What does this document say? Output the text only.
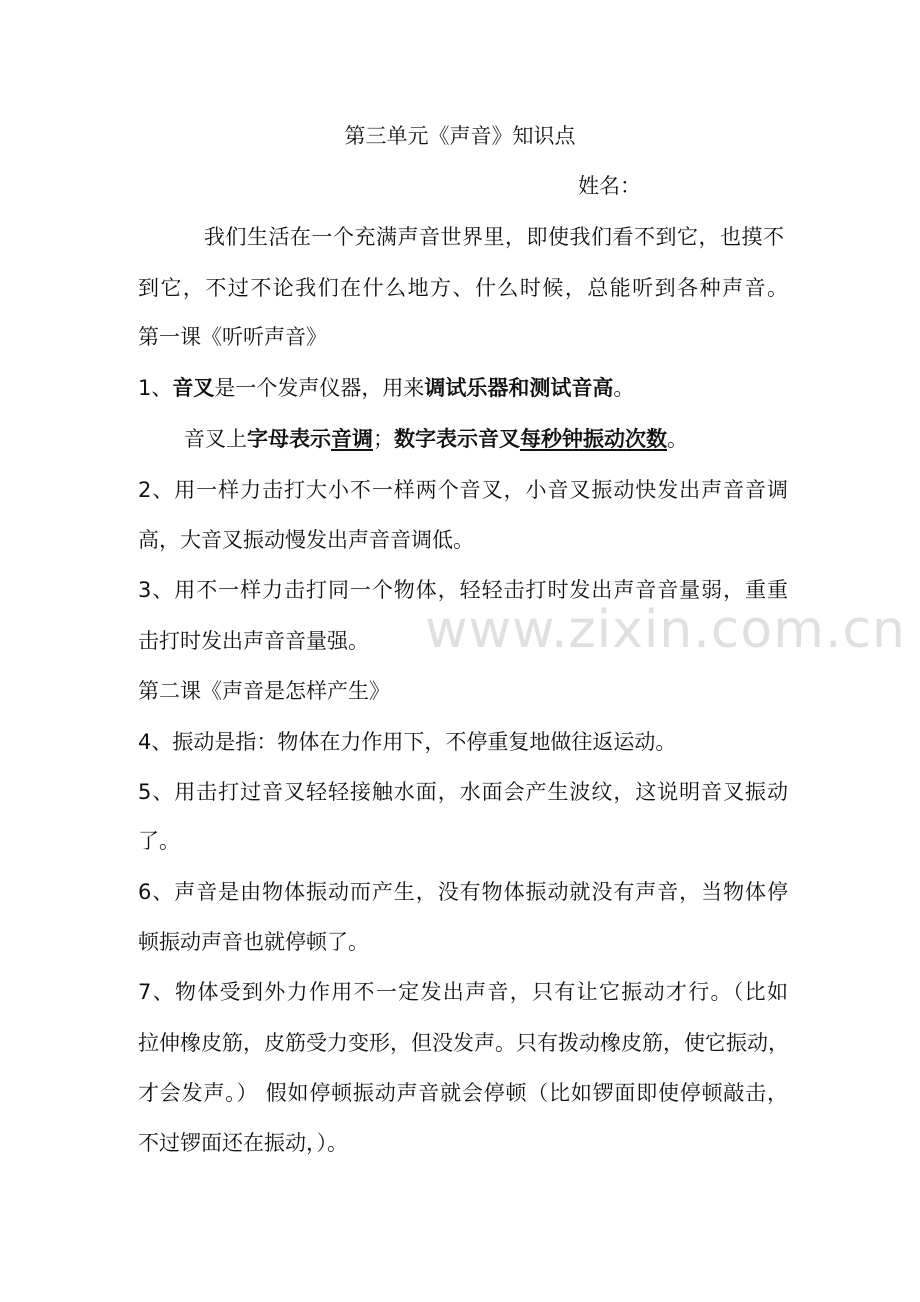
第三单元《声音》知识点
姓名：
我们生活在一个充满声音世界里，即使我们看不到它，也摸不
到它，不过不论我们在什么地方、什么时候，总能听到各种声音。
第一课《听听声音》
1、音叉是一个发声仪器，用来调试乐器和测试音高。
音叉上字母表示音调；数字表示音叉每秒钟振动次数。
2、用一样力击打大小不一样两个音叉，小音叉振动快发出声音音调
高，大音叉振动慢发出声音音调低。
3、用不一样力击打同一个物体，轻轻击打时发出声音音量弱，重重
击打时发出声音音量强。
第二课《声音是怎样产生》
4、振动是指：物体在力作用下，不停重复地做往返运动。
5、用击打过音叉轻轻接触水面，水面会产生波纹，这说明音叉振动
了。
6、声音是由物体振动而产生，没有物体振动就没有声音，当物体停
顿振动声音也就停顿了。
7、物体受到外力作用不一定发出声音，只有让它振动才行。（比如
拉伸橡皮筋，皮筋受力变形，但没发声。只有拨动橡皮筋，使它振动，
才会发声。） 假如停顿振动声音就会停顿（比如锣面即使停顿敲击，
不过锣面还在振动，）。
www.zixin.com.cn
